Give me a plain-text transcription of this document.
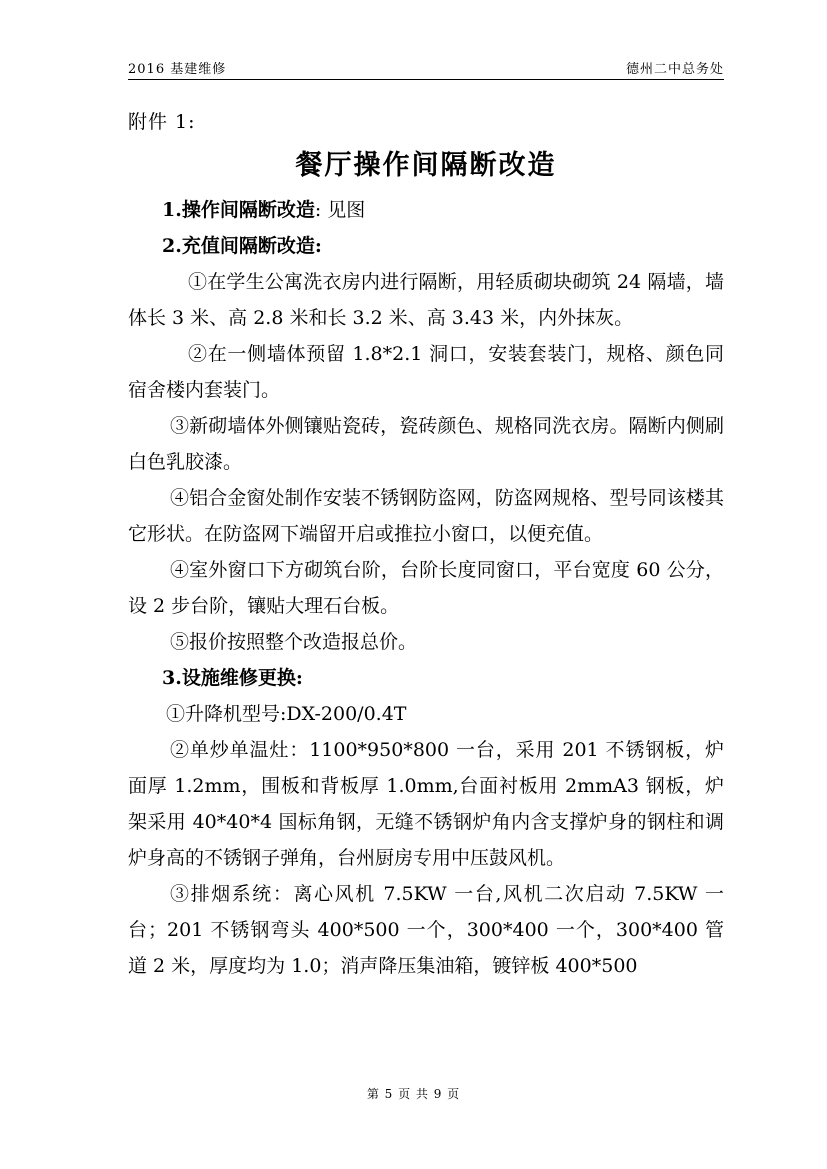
2016 基建维修	德州二中总务处

附件 1:

餐厅操作间隔断改造

1.操作间隔断改造: 见图

2.充值间隔断改造:

①在学生公寓洗衣房内进行隔断，用轻质砌块砌筑 24 隔墙，墙体长 3 米、高 2.8 米和长 3.2 米、高 3.43 米，内外抹灰。

②在一侧墙体预留 1.8*2.1 洞口，安装套装门，规格、颜色同宿舍楼内套装门。

③新砌墙体外侧镶贴瓷砖，瓷砖颜色、规格同洗衣房。隔断内侧刷白色乳胶漆。

④铝合金窗处制作安装不锈钢防盗网，防盗网规格、型号同该楼其它形状。在防盗网下端留开启或推拉小窗口，以便充值。

④室外窗口下方砌筑台阶，台阶长度同窗口，平台宽度 60 公分，设 2 步台阶，镶贴大理石台板。

⑤报价按照整个改造报总价。

3.设施维修更换:

①升降机型号:DX-200/0.4T

②单炒单温灶：1100*950*800 一台，采用 201 不锈钢板，炉面厚 1.2mm，围板和背板厚 1.0mm,台面衬板用 2mmA3 钢板，炉架采用 40*40*4 国标角钢，无缝不锈钢炉角内含支撑炉身的钢柱和调炉身高的不锈钢子弹角，台州厨房专用中压鼓风机。

③排烟系统：离心风机 7.5KW 一台,风机二次启动 7.5KW 一台；201 不锈钢弯头 400*500 一个，300*400 一个，300*400 管道 2 米，厚度均为 1.0；消声降压集油箱，镀锌板 400*500

第 5 页 共 9 页
